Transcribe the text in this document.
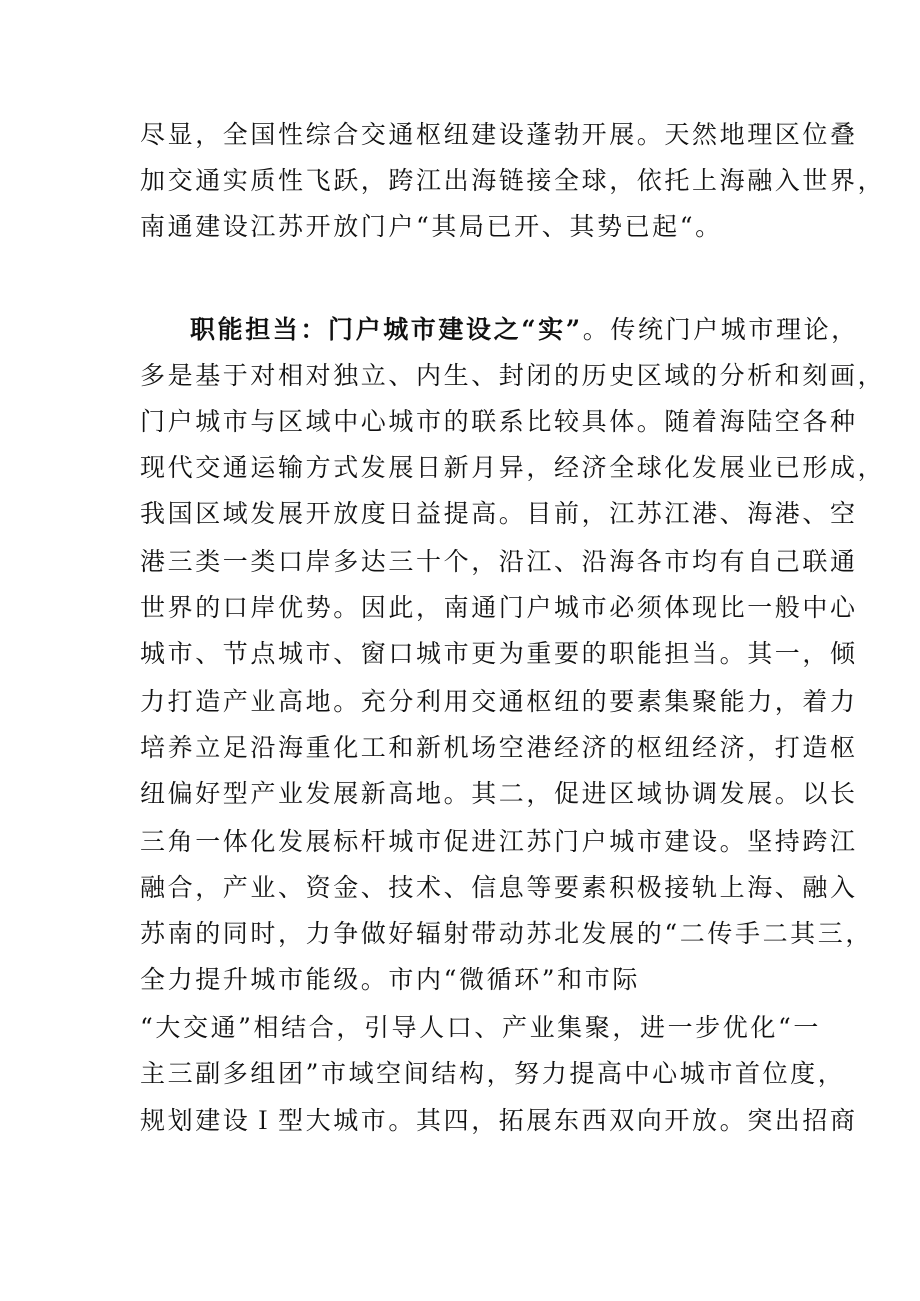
尽显，全国性综合交通枢纽建设蓬勃开展。天然地理区位叠
加交通实质性飞跃，跨江出海链接全球，依托上海融入世界，
南通建设江苏开放门户“其局已开、其势已起“。
职能担当：门户城市建设之“实”。传统门户城市理论，
多是基于对相对独立、内生、封闭的历史区域的分析和刻画，
门户城市与区域中心城市的联系比较具体。随着海陆空各种
现代交通运输方式发展日新月异，经济全球化发展业已形成，
我国区域发展开放度日益提高。目前，江苏江港、海港、空
港三类一类口岸多达三十个，沿江、沿海各市均有自己联通
世界的口岸优势。因此，南通门户城市必须体现比一般中心
城市、节点城市、窗口城市更为重要的职能担当。其一，倾
力打造产业高地。充分利用交通枢纽的要素集聚能力，着力
培养立足沿海重化工和新机场空港经济的枢纽经济，打造枢
纽偏好型产业发展新高地。其二，促进区域协调发展。以长
三角一体化发展标杆城市促进江苏门户城市建设。坚持跨江
融合，产业、资金、技术、信息等要素积极接轨上海、融入
苏南的同时，力争做好辐射带动苏北发展的“二传手二其三，
全力提升城市能级。市内“微循环”和市际
“大交通”相结合，引导人口、产业集聚，进一步优化“一
主三副多组团”市域空间结构，努力提高中心城市首位度，
规划建设Ｉ型大城市。其四，拓展东西双向开放。突出招商
